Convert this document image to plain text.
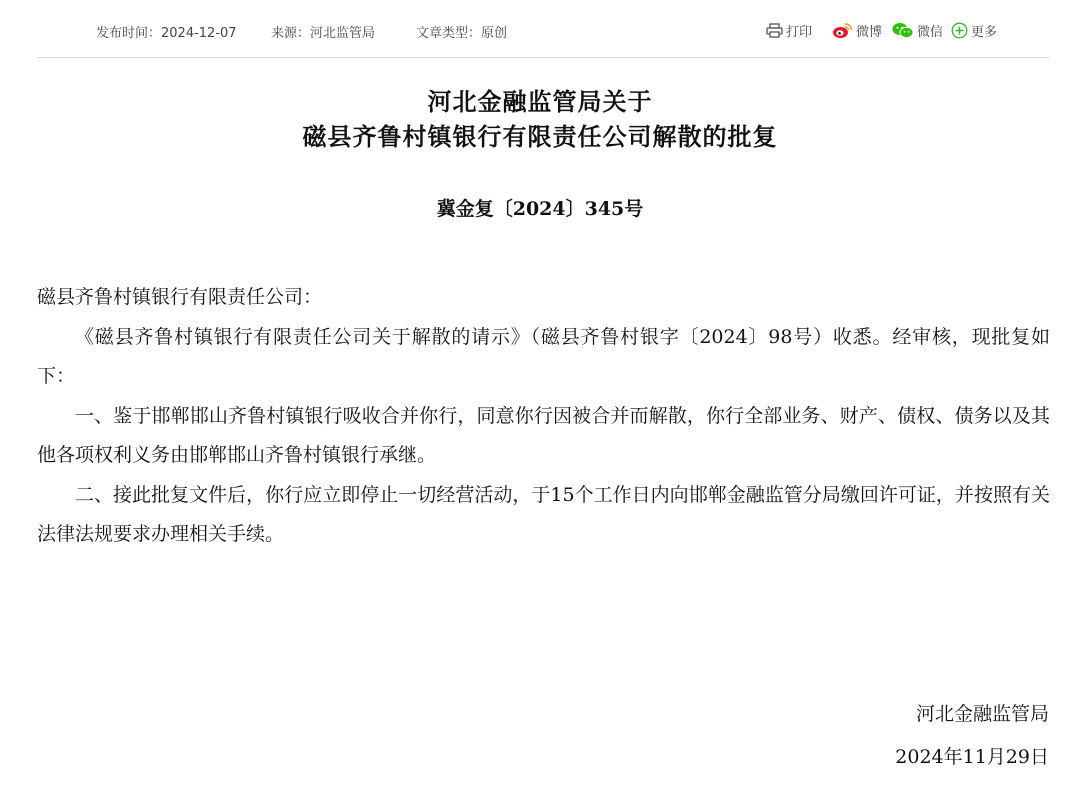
发布时间：2024-12-07	来源：河北监管局	文章类型：原创	打印	微博	微信 更多
河北金融监管局关于
磁县齐鲁村镇银行有限责任公司解散的批复
冀金复〔2024〕345号

磁县齐鲁村镇银行有限责任公司：

《磁县齐鲁村镇银行有限责任公司关于解散的请示》（磁县齐鲁村银字〔2024〕98号）收悉。经审核，现批复如下：

一、鉴于邯郸邯山齐鲁村镇银行吸收合并你行，同意你行因被合并而解散，你行全部业务、财产、债权、债务以及其他各项权利义务由邯郸邯山齐鲁村镇银行承继。

二、接此批复文件后，你行应立即停止一切经营活动，于15个工作日内向邯郸金融监管分局缴回许可证，并按照有关法律法规要求办理相关手续。

河北金融监管局
2024年11月29日
